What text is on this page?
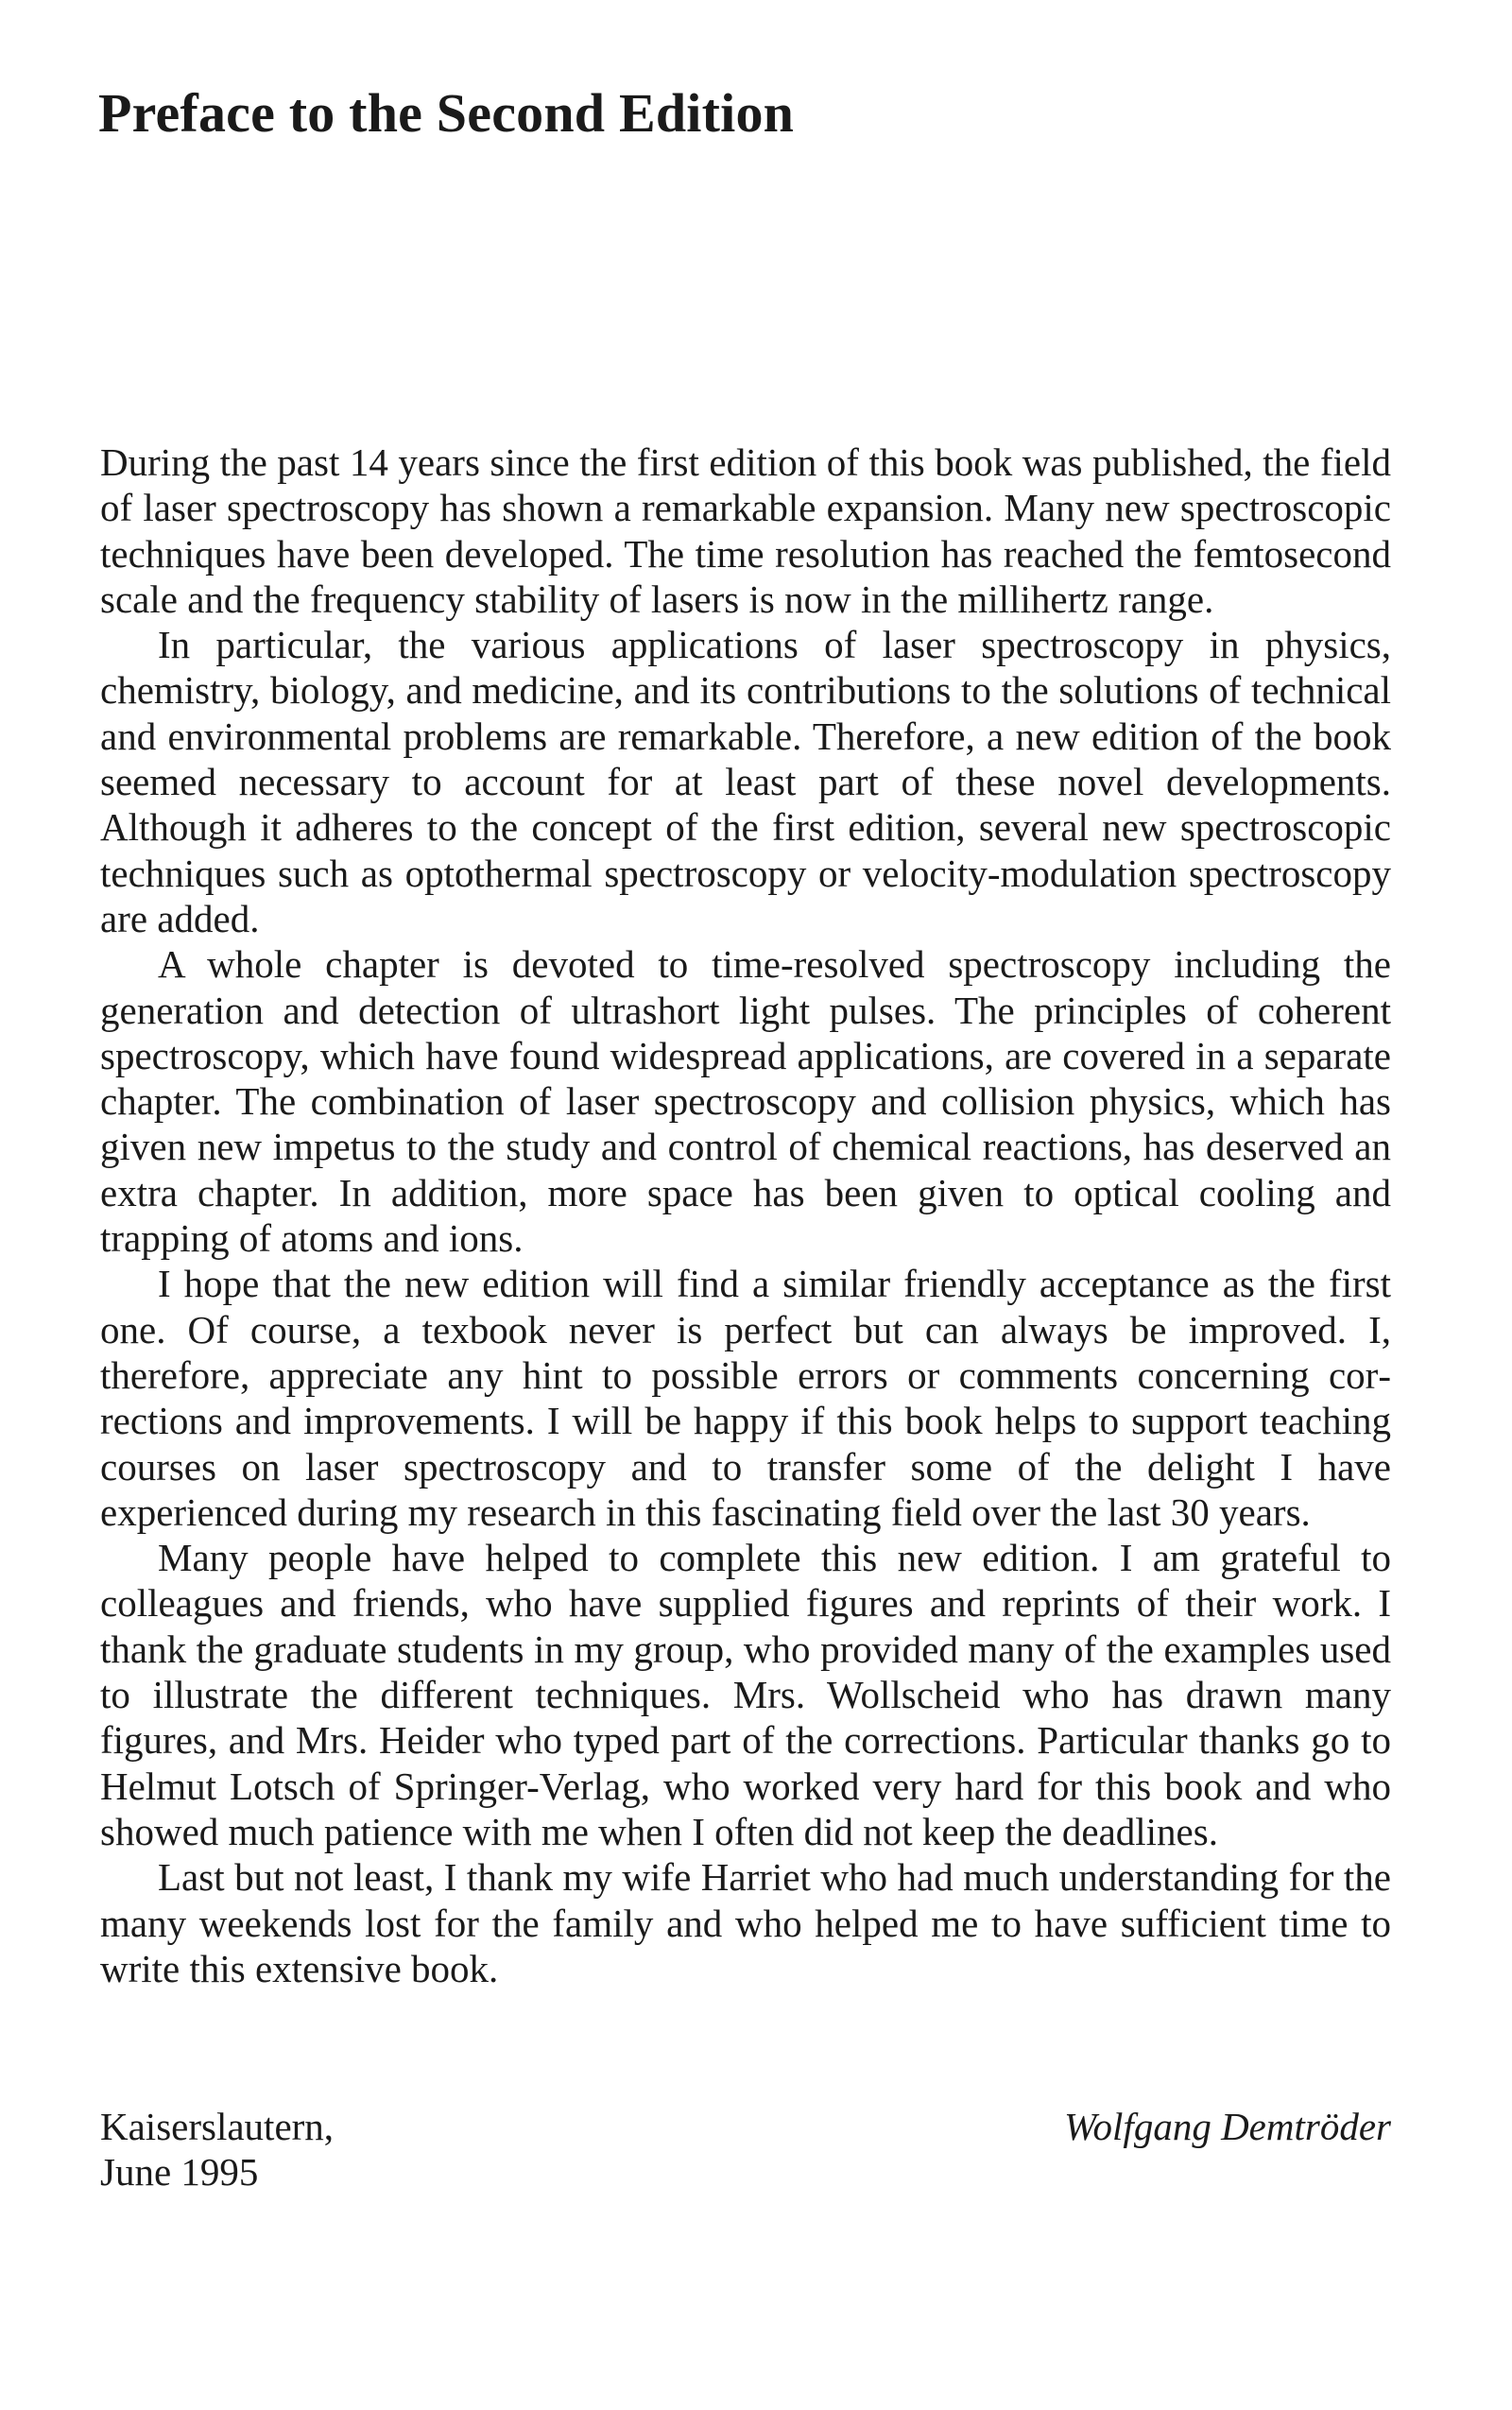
Preface to the Second Edition

During the past 14 years since the first edition of this book was published, the field of laser spectroscopy has shown a remarkable expansion. Many new spectroscopic techniques have been developed. The time resolution has reached the femtosecond scale and the frequency stability of lasers is now in the millihertz range.

In particular, the various applications of laser spectroscopy in physics, chemistry, biology, and medicine, and its contributions to the solutions of technical and environmental problems are remarkable. Therefore, a new edition of the book seemed necessary to account for at least part of these novel developments. Although it adheres to the concept of the first edition, several new spectroscopic techniques such as optothermal spectroscopy or velocity-modulation spectroscopy are added.

A whole chapter is devoted to time-resolved spectroscopy including the generation and detection of ultrashort light pulses. The principles of coherent spectroscopy, which have found widespread applications, are covered in a separate chapter. The combination of laser spectroscopy and collision physics, which has given new impetus to the study and control of chemical reactions, has deserved an extra chapter. In addition, more space has been given to optical cooling and trapping of atoms and ions.

I hope that the new edition will find a similar friendly acceptance as the first one. Of course, a texbook never is perfect but can always be improved. I, therefore, appreciate any hint to possible errors or comments concerning corrections and improvements. I will be happy if this book helps to support teaching courses on laser spectroscopy and to transfer some of the delight I have experienced during my research in this fascinating field over the last 30 years.

Many people have helped to complete this new edition. I am grateful to colleagues and friends, who have supplied figures and reprints of their work. I thank the graduate students in my group, who provided many of the examples used to illustrate the different techniques. Mrs. Wollscheid who has drawn many figures, and Mrs. Heider who typed part of the corrections. Particular thanks go to Helmut Lotsch of Springer-Verlag, who worked very hard for this book and who showed much patience with me when I often did not keep the deadlines.

Last but not least, I thank my wife Harriet who had much understanding for the many weekends lost for the family and who helped me to have sufficient time to write this extensive book.

Kaiserslautern,
June 1995
Wolfgang Demtröder
